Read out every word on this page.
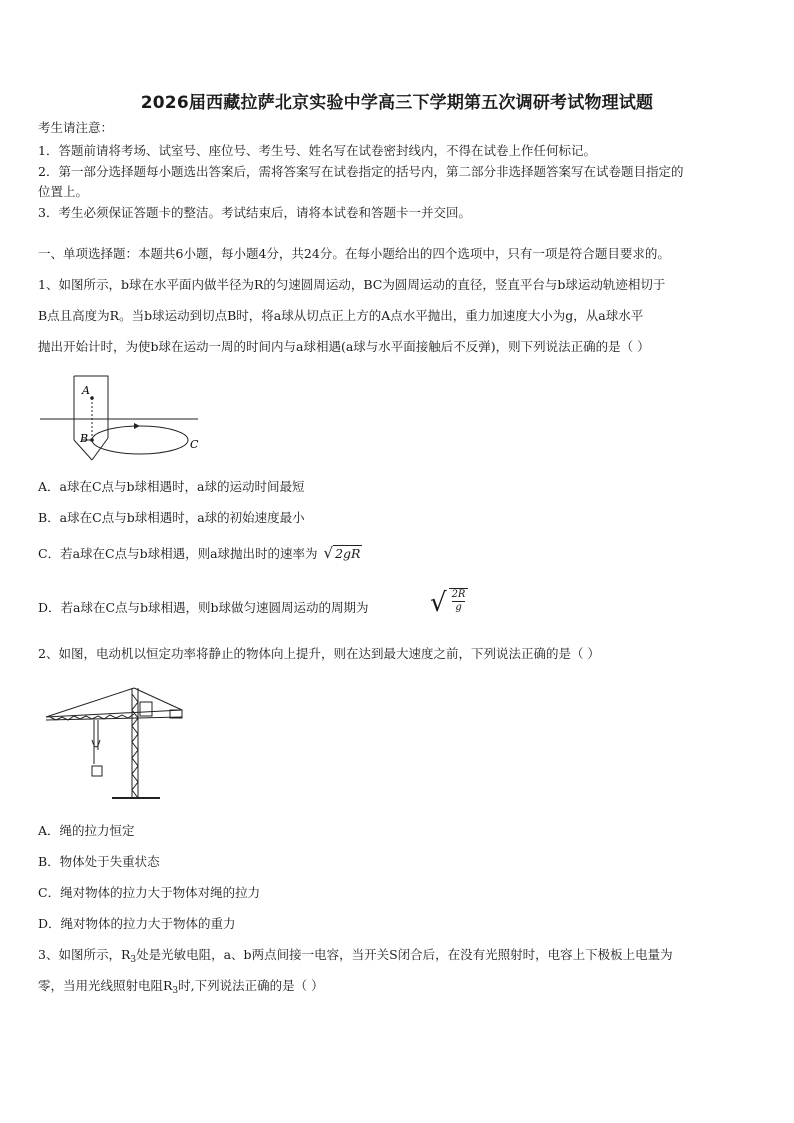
2026届西藏拉萨北京实验中学高三下学期第五次调研考试物理试题
考生请注意：
1．答题前请将考场、试室号、座位号、考生号、姓名写在试卷密封线内，不得在试卷上作任何标记。
2．第一部分选择题每小题选出答案后，需将答案写在试卷指定的括号内，第二部分非选择题答案写在试卷题目指定的
位置上。
3．考生必须保证答题卡的整洁。考试结束后，请将本试卷和答题卡一并交回。
一、单项选择题：本题共6小题，每小题4分，共24分。在每小题给出的四个选项中，只有一项是符合题目要求的。
1、如图所示，b球在水平面内做半径为R的匀速圆周运动，BC为圆周运动的直径，竖直平台与b球运动轨迹相切于
B点且高度为R。当b球运动到切点B时，将a球从切点正上方的A点水平抛出，重力加速度大小为g，从a球水平
抛出开始计时，为使b球在运动一周的时间内与a球相遇(a球与水平面接触后不反弹)，则下列说法正确的是（ ）
A
B	C
A．a球在C点与b球相遇时，a球的运动时间最短
B．a球在C点与b球相遇时，a球的初始速度最小
C．若a球在C点与b球相遇，则a球抛出时的速率为 √ 2gR
D．若a球在C点与b球相遇，则b球做匀速圆周运动的周期为 √ $\frac{2R}{g}$
2、如图，电动机以恒定功率将静止的物体向上提升，则在达到最大速度之前，下列说法正确的是（ ）
A．绳的拉力恒定
B．物体处于失重状态
C．绳对物体的拉力大于物体对绳的拉力
D．绳对物体的拉力大于物体的重力
3、如图所示，$R_3$处是光敏电阻，a、b两点间接一电容，当开关S闭合后，在没有光照射时，电容上下极板上电量为
零，当用光线照射电阻$R_3$时,下列说法正确的是（ ）
